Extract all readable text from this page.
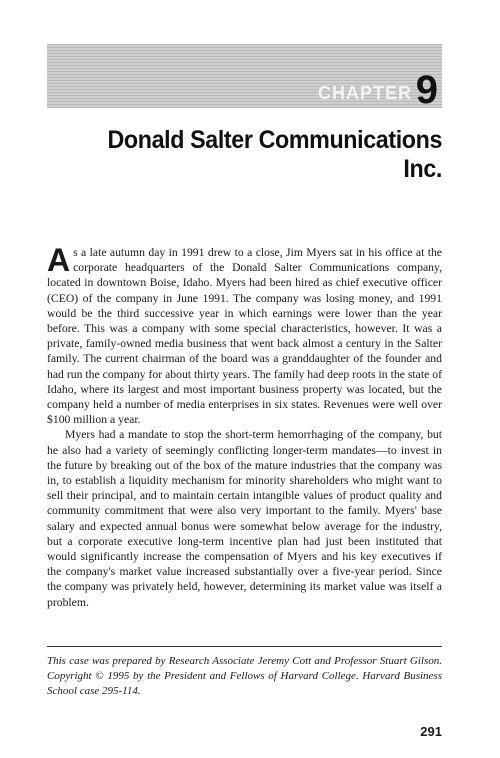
CHAPTER 9
Donald Salter Communications Inc.

As a late autumn day in 1991 drew to a close, Jim Myers sat in his office at the corporate headquarters of the Donald Salter Communications company, located in downtown Boise, Idaho. Myers had been hired as chief executive officer (CEO) of the company in June 1991. The company was losing money, and 1991 would be the third successive year in which earnings were lower than the year before. This was a company with some special characteristics, however. It was a private, family-owned media business that went back almost a century in the Salter family. The current chairman of the board was a granddaughter of the founder and had run the company for about thirty years. The family had deep roots in the state of Idaho, where its largest and most important business property was located, but the company held a number of media enterprises in six states. Revenues were well over $100 million a year.

Myers had a mandate to stop the short-term hemorrhaging of the company, but he also had a variety of seemingly conflicting longer-term mandates—to invest in the future by breaking out of the box of the mature industries that the company was in, to establish a liquidity mechanism for minority shareholders who might want to sell their principal, and to maintain certain intangible values of product quality and community commitment that were also very important to the family. Myers' base salary and expected annual bonus were somewhat below average for the industry, but a corporate executive long-term incentive plan had just been instituted that would significantly increase the compensation of Myers and his key executives if the company's market value increased substantially over a five-year period. Since the company was privately held, however, determining its market value was itself a problem.

This case was prepared by Research Associate Jeremy Cott and Professor Stuart Gilson. Copyright © 1995 by the President and Fellows of Harvard College. Harvard Business School case 295-114.
291
